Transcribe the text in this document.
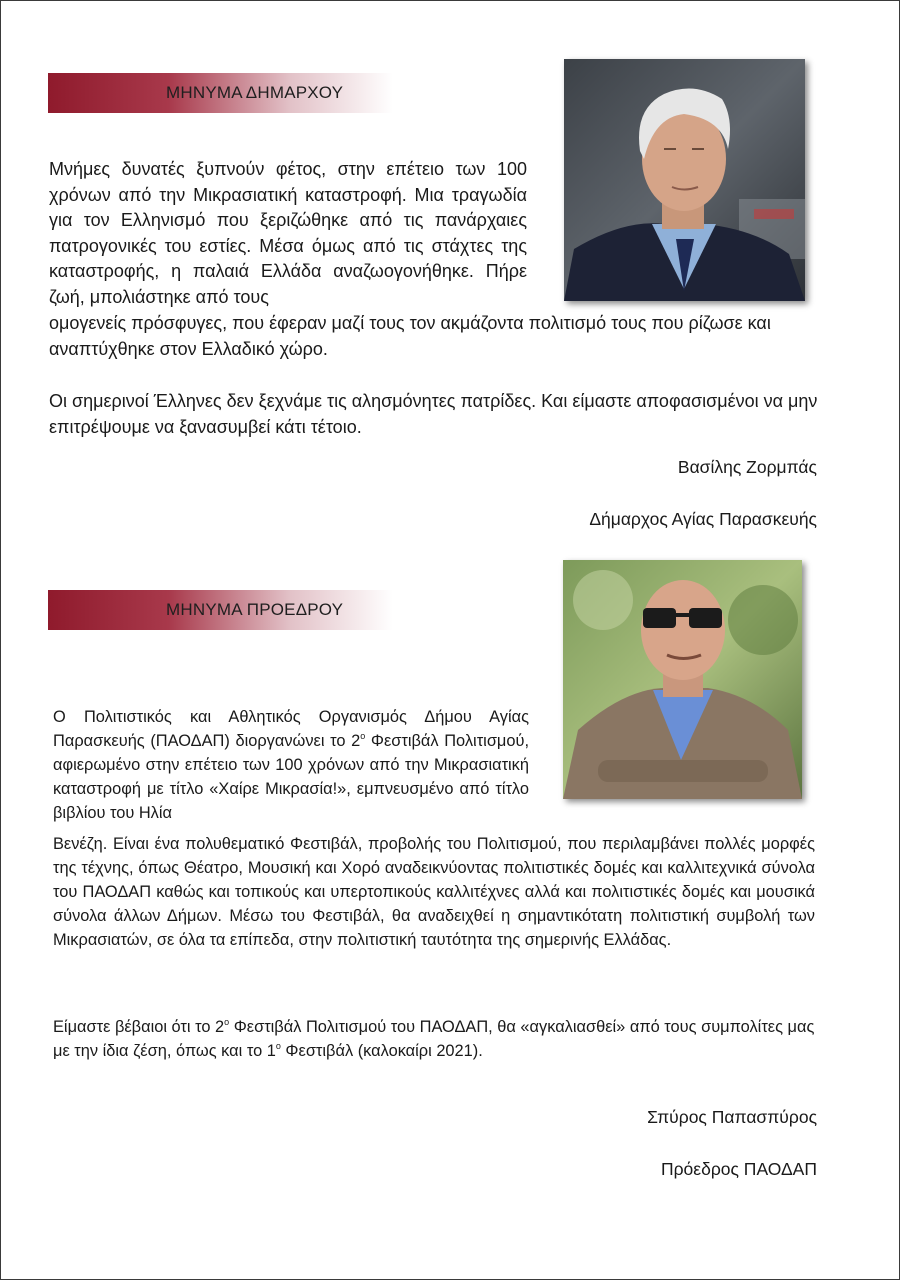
ΜΗΝΥΜΑ ΔΗΜΑΡΧΟΥ

Μνήμες δυνατές ξυπνούν φέτος, στην επέτειο των 100 χρόνων από την Μικρασιατική καταστροφή. Μια τραγωδία για τον Ελληνισμό που ξεριζώθηκε από τις πανάρχαιες πατρογονικές του εστίες. Μέσα όμως από τις στάχτες της καταστροφής, η παλαιά Ελλάδα αναζωογονήθηκε. Πήρε ζωή, μπολιάστηκε από τους

ομογενείς πρόσφυγες, που έφεραν μαζί τους τον ακμάζοντα πολιτισμό τους που ρίζωσε και αναπτύχθηκε στον Ελλαδικό χώρο.

Οι σημερινοί Έλληνες δεν ξεχνάμε τις αλησμόνητες πατρίδες. Και είμαστε αποφασισμένοι να μην επιτρέψουμε να ξανασυμβεί κάτι τέτοιο.

Βασίλης Ζορμπάς

Δήμαρχος Αγίας Παρασκευής

ΜΗΝΥΜΑ ΠΡΟΕΔΡΟΥ

Ο Πολιτιστικός και Αθλητικός Οργανισμός Δήμου Αγίας Παρασκευής (ΠΑΟΔΑΠ) διοργανώνει το $2^o$ Φεστιβάλ Πολιτισμού, αφιερωμένο στην επέτειο των 100 χρόνων από την Μικρασιατική καταστροφή με τίτλο «Χαίρε Μικρασία!», εμπνευσμένο από τίτλο βιβλίου του Ηλία

Βενέζη. Είναι ένα πολυθεματικό Φεστιβάλ, προβολής του Πολιτισμού, που περιλαμβάνει πολλές μορφές της τέχνης, όπως Θέατρο, Μουσική και Χορό αναδεικνύοντας πολιτιστικές δομές και καλλιτεχνικά σύνολα του ΠΑΟΔΑΠ καθώς και τοπικούς και υπερτοπικούς καλλιτέχνες αλλά και πολιτιστικές δομές και μουσικά σύνολα άλλων Δήμων. Μέσω του Φεστιβάλ, θα αναδειχθεί η σημαντικότατη πολιτιστική συμβολή των Μικρασιατών, σε όλα τα επίπεδα, στην πολιτιστική ταυτότητα της σημερινής Ελλάδας.

Είμαστε βέβαιοι ότι το $2^o$ Φεστιβάλ Πολιτισμού του ΠΑΟΔΑΠ, θα «αγκαλιασθεί» από τους συμπολίτες μας με την ίδια ζέση, όπως και το $1^o$ Φεστιβάλ (καλοκαίρι 2021).

Σπύρος Παπασπύρος

Πρόεδρος ΠΑΟΔΑΠ
